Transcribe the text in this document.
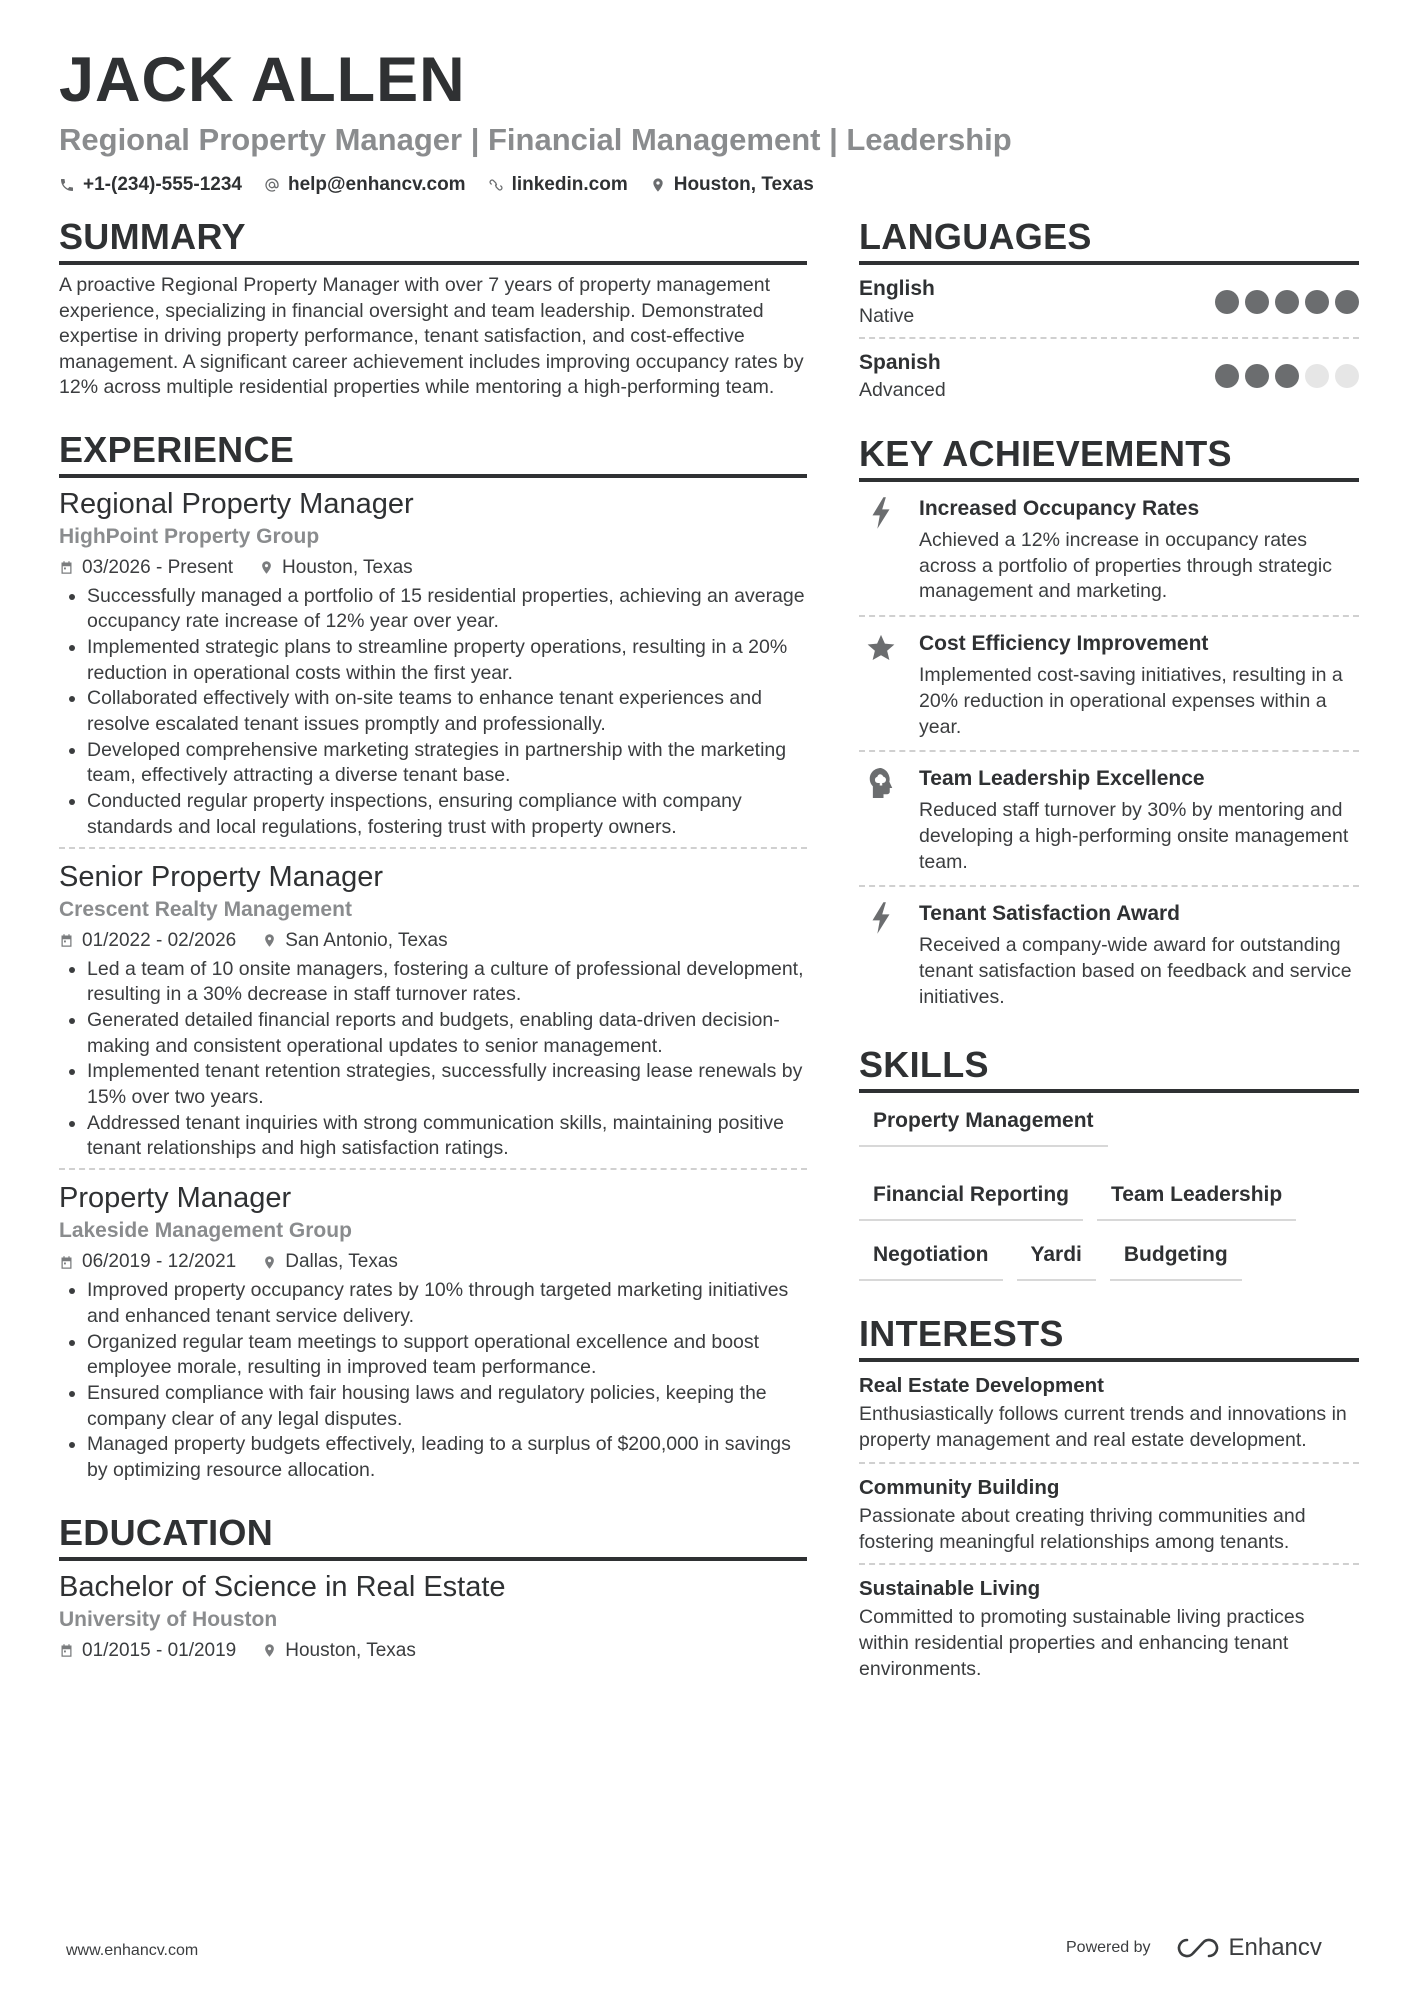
JACK ALLEN
Regional Property Manager | Financial Management | Leadership
+1-(234)-555-1234 help@enhancv.com linkedin.com Houston, Texas
SUMMARY
A proactive Regional Property Manager with over 7 years of property management experience, specializing in financial oversight and team leadership. Demonstrated expertise in driving property performance, tenant satisfaction, and cost-effective management. A significant career achievement includes improving occupancy rates by 12% across multiple residential properties while mentoring a high-performing team.
EXPERIENCE
Regional Property Manager
HighPoint Property Group
03/2026 - Present	Houston, Texas
• Successfully managed a portfolio of 15 residential properties, achieving an average occupancy rate increase of 12% year over year.
• Implemented strategic plans to streamline property operations, resulting in a 20% reduction in operational costs within the first year.
• Collaborated effectively with on-site teams to enhance tenant experiences and resolve escalated tenant issues promptly and professionally.
• Developed comprehensive marketing strategies in partnership with the marketing team, effectively attracting a diverse tenant base.
• Conducted regular property inspections, ensuring compliance with company standards and local regulations, fostering trust with property owners.
Senior Property Manager
Crescent Realty Management
01/2022 - 02/2026	San Antonio, Texas
• Led a team of 10 onsite managers, fostering a culture of professional development, resulting in a 30% decrease in staff turnover rates.
• Generated detailed financial reports and budgets, enabling data-driven decision-making and consistent operational updates to senior management.
• Implemented tenant retention strategies, successfully increasing lease renewals by 15% over two years.
• Addressed tenant inquiries with strong communication skills, maintaining positive tenant relationships and high satisfaction ratings.
Property Manager
Lakeside Management Group
06/2019 - 12/2021	Dallas, Texas
• Improved property occupancy rates by 10% through targeted marketing initiatives and enhanced tenant service delivery.
• Organized regular team meetings to support operational excellence and boost employee morale, resulting in improved team performance.
• Ensured compliance with fair housing laws and regulatory policies, keeping the company clear of any legal disputes.
• Managed property budgets effectively, leading to a surplus of $200,000 in savings by optimizing resource allocation.
EDUCATION
Bachelor of Science in Real Estate
University of Houston
01/2015 - 01/2019	Houston, Texas
LANGUAGES
English
Native
Spanish
Advanced
KEY ACHIEVEMENTS
Increased Occupancy Rates
Achieved a 12% increase in occupancy rates across a portfolio of properties through strategic management and marketing.
Cost Efficiency Improvement
Implemented cost-saving initiatives, resulting in a 20% reduction in operational expenses within a year.
Team Leadership Excellence
Reduced staff turnover by 30% by mentoring and developing a high-performing onsite management team.
Tenant Satisfaction Award
Received a company-wide award for outstanding tenant satisfaction based on feedback and service initiatives.
SKILLS
Property Management
Financial Reporting	Team Leadership
Negotiation	Yardi	Budgeting
INTERESTS
Real Estate Development
Enthusiastically follows current trends and innovations in property management and real estate development.
Community Building
Passionate about creating thriving communities and fostering meaningful relationships among tenants.
Sustainable Living
Committed to promoting sustainable living practices within residential properties and enhancing tenant environments.
www.enhancv.com	Powered by	Enhancv
